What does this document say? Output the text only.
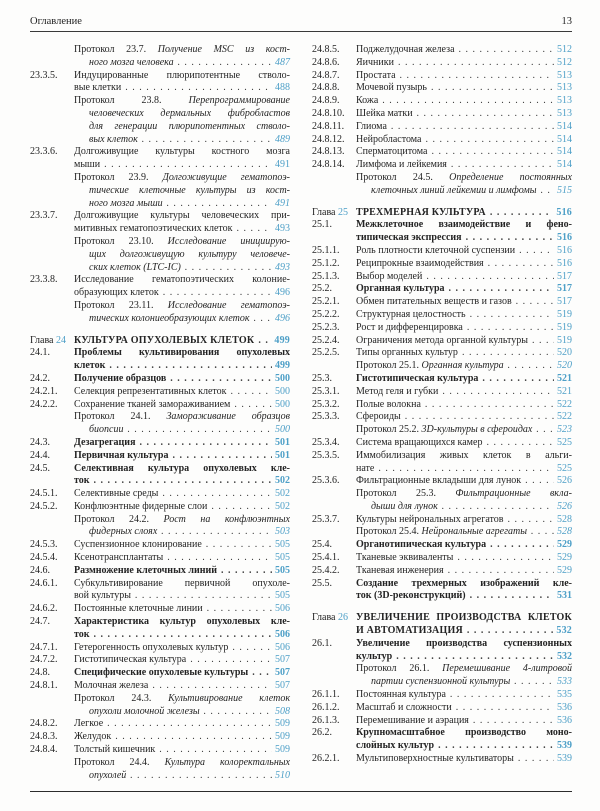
Оглавление	13
Протокол 23.7. Получение MSC из кост-
ного мозга человека . . .	487
23.3.5. Индуцированные плюрипотентные стволо-
вые клетки . . .	488
Протокол 23.8. Перепрограммирование
человеческих дермальных фибробластов
для генерации плюрипотентных стволо-
вых клеток . . .	489
23.3.6. Долгоживущие культуры костного мозга
мыши . . .	491
Протокол 23.9. Долгоживущие гематопоэ-
тические клеточные культуры из кост-
ного мозга мыши . . .	491
23.3.7. Долгоживущие культуры человеческих при-
митивных гематопоэтических клеток . . .	493
Протокол 23.10. Исследование инициирую-
щих долгоживущую культуру человече-
ских клеток (LTC-IC) . . .	493
23.3.8. Исследование гематопоэтических колоние-
образующих клеток . . .	496
Протокол 23.11. Исследование гематопоэ-
тических колониеобразующих клеток . . .	496
Глава 24 КУЛЬТУРА ОПУХОЛЕВЫХ КЛЕТОК . . . 499
24.1. Проблемы культивирования опухолевых
клеток . . .	499
24.2. Получение образцов . . .	500
24.2.1. Селекция репрезентативных клеток . . .	500
24.2.2. Сохранение тканей замораживанием . . .	500
Протокол 24.1. Замораживание образцов
биопсии . . .	500
24.3. Дезагрегация . . .	501
24.4. Первичная культура . . .	501
24.5. Селективная культура опухолевых кле-
ток . . .	502
24.5.1. Селективные среды . . .	502
24.5.2. Конфлюэнтные фидерные слои . . .	502
Протокол 24.2. Рост на конфлюэнтных
фидерных слоях . . .	503
24.5.3. Суспензионное клонирование . . .	505
24.5.4. Ксенотрансплантаты . . .	505
24.6. Размножение клеточных линий . . .	505
24.6.1. Субкультивирование первичной опухоле-
вой культуры . . .	505
24.6.2. Постоянные клеточные линии . . .	506
24.7. Характеристика культур опухолевых кле-
ток . . .	506
24.7.1. Гетерогенность опухолевых культур . . .	506
24.7.2. Гистотипическая культура . . .	507
24.8. Специфические опухолевые культуры . . .	507
24.8.1. Молочная железа . . .	507
Протокол 24.3. Культивирование клеток
опухоли молочной железы . . .	508
24.8.2. Легкое . . .	509
24.8.3. Желудок . . .	509
24.8.4. Толстый кишечник . . .	509
Протокол 24.4. Культура колоректальных
опухолей . . .	510
24.8.5. Поджелудочная железа . . .	512
24.8.6. Яичники . . .	512
24.8.7. Простата . . .	513
24.8.8. Мочевой пузырь . . .	513
24.8.9. Кожа . . .	513
24.8.10. Шейка матки . . .	513
24.8.11. Глиома . . .	514
24.8.12. Нейробластома . . .	514
24.8.13. Сперматоцитома . . .	514
24.8.14. Лимфома и лейкемия . . .	514
Протокол 24.5. Определение постоянных
клеточных линий лейкемии и лимфомы . . . 515
Глава 25 ТРЕХМЕРНАЯ КУЛЬТУРА . . .	516
25.1. Межклеточное взаимодействие и фено-
типическая экспрессия . . .	516
25.1.1. Роль плотности клеточной суспензии . . .	516
25.1.2. Реципрокные взаимодействия . . .	516
25.1.3. Выбор моделей . . .	517
25.2. Органная культура . . .	517
25.2.1. Обмен питательных веществ и газов . . .	517
25.2.2. Структурная целостность . . .	519
25.2.3. Рост и дифференцировка . . .	519
25.2.4. Ограничения метода органной культуры . . .	519
25.2.5. Типы органных культур . . .	520
Протокол 25.1. Органная культура . . .	520
25.3. Гистотипическая культура . . .	521
25.3.1. Метод геля и губки . . .	521
25.3.2. Полые волокна . . .	522
25.3.3. Сфероиды . . .	522
Протокол 25.2. 3D-культуры в сфероидах . . . 523
25.3.4. Система вращающихся камер . . .	525
25.3.5. Иммобилизация живых клеток в альги-
нате . . .	525
25.3.6. Фильтрационные вкладыши для лунок . . .	526
Протокол 25.3. Фильтрационные вкла-
дыши для лунок . . .	526
25.3.7. Культуры нейрональных агрегатов . . .	528
Протокол 25.4. Нейрональные агрегаты . . .	528
25.4. Органотипическая культура . . .	529
25.4.1. Тканевые эквиваленты . . .	529
25.4.2. Тканевая инженерия . . .	529
25.5. Создание трехмерных изображений кле-
ток (3D-реконструкций) . . .	531
Глава 26 УВЕЛИЧЕНИЕ ПРОИЗВОДСТВА КЛЕТОК
И АВТОМАТИЗАЦИЯ . . .	532
26.1. Увеличение производства суспензионных
культур . . .	532
Протокол 26.1. Перемешивание 4-литровой
партии суспензионной культуры . . .	533
26.1.1. Постоянная культура . . .	535
26.1.2. Масштаб и сложности . . .	536
26.1.3. Перемешивание и аэрация . . .	536
26.2. Крупномасштабное производство моно-
слойных культур . . .	539
26.2.1. Мультиповерхностные культиваторы . . .	539
